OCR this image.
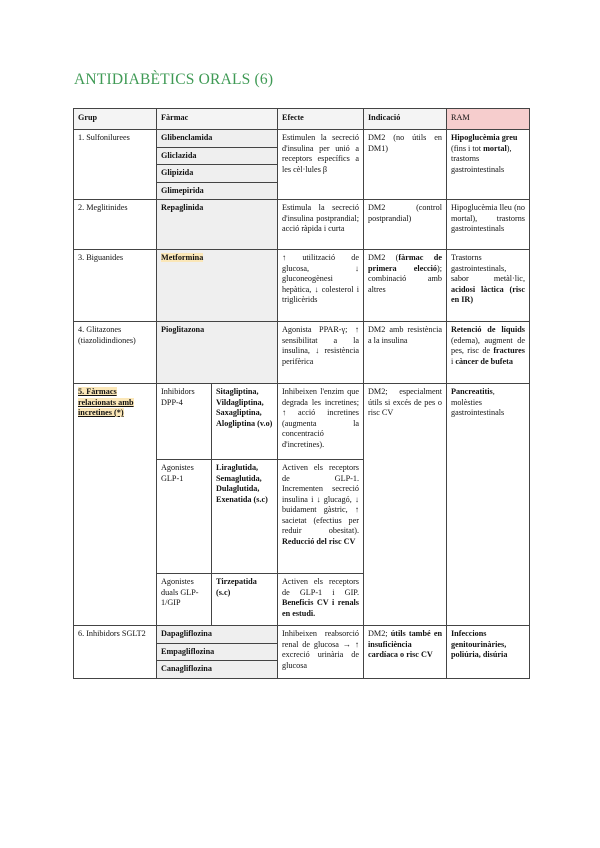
ANTIDIABÈTICS ORALS (6)
Grup	Fàrmac		Efecte	Indicació	RAM
1. Sulfonilurees	Glibenclamida		Estimulen la secreció d'insulina per unió a receptors específics a les cèl·lules β	DM2 (no útils en DM1)	Hipoglucèmia greu (fins i tot mortal), trastorns gastrointestinals
	Gliclazida				
	Glipizida				
	Glimepirida				
2. Meglitinides	Repaglinida		Estimula la secreció d'insulina postprandial; acció ràpida i curta	DM2 (control postprandial)	Hipoglucèmia lleu (no mortal), trastorns gastrointestinals
3. Biguanides	Metformina		↑ utilització de glucosa, ↓ gluconeogènesi hepàtica, ↓ colesterol i triglicèrids	DM2 (fàrmac de primera elecció); combinació amb altres	Trastorns gastrointestinals, sabor metàl·lic, acidosi làctica (risc en IR)
4. Glitazones (tiazolidindiones)	Pioglitazona		Agonista PPAR-γ; ↑ sensibilitat a la insulina, ↓ resistència perifèrica	DM2 amb resistència a la insulina	Retenció de líquids (edema), augment de pes, risc de fractures i càncer de bufeta
5. Fàrmacs relacionats amb incretines (*)	Inhibidors DPP-4	Sitagliptina, Vildagliptina, Saxagliptina, Alogliptina (v.o)	Inhibeixen l'enzim que degrada les incretines; ↑ acció incretines (augmenta la concentració d'incretines).	DM2; especialment útils si excés de pes o risc CV	Pancreatitis, molèsties gastrointestinals
	Agonistes GLP-1	Liraglutida, Semaglutida, Dulaglutida, Exenatida (s.c)	Activen els receptors de GLP-1. Incrementen secreció insulina i ↓ glucagó, ↓ buidament gàstric, ↑ sacietat (efectius per reduir obesitat). Reducció del risc CV		
	Agonistes duals GLP-1/GIP	Tirzepatida (s.c)	Activen els receptors de GLP-1 i GIP. Beneficis CV i renals en estudi.		
6. Inhibidors SGLT2	Dapagliflozina		Inhibeixen reabsorció renal de glucosa → ↑ excreció urinària de glucosa	DM2; útils també en insuficiència cardíaca o risc CV	Infeccions genitourinàries, poliúria, disúria
	Empagliflozina				
	Canagliflozina				
